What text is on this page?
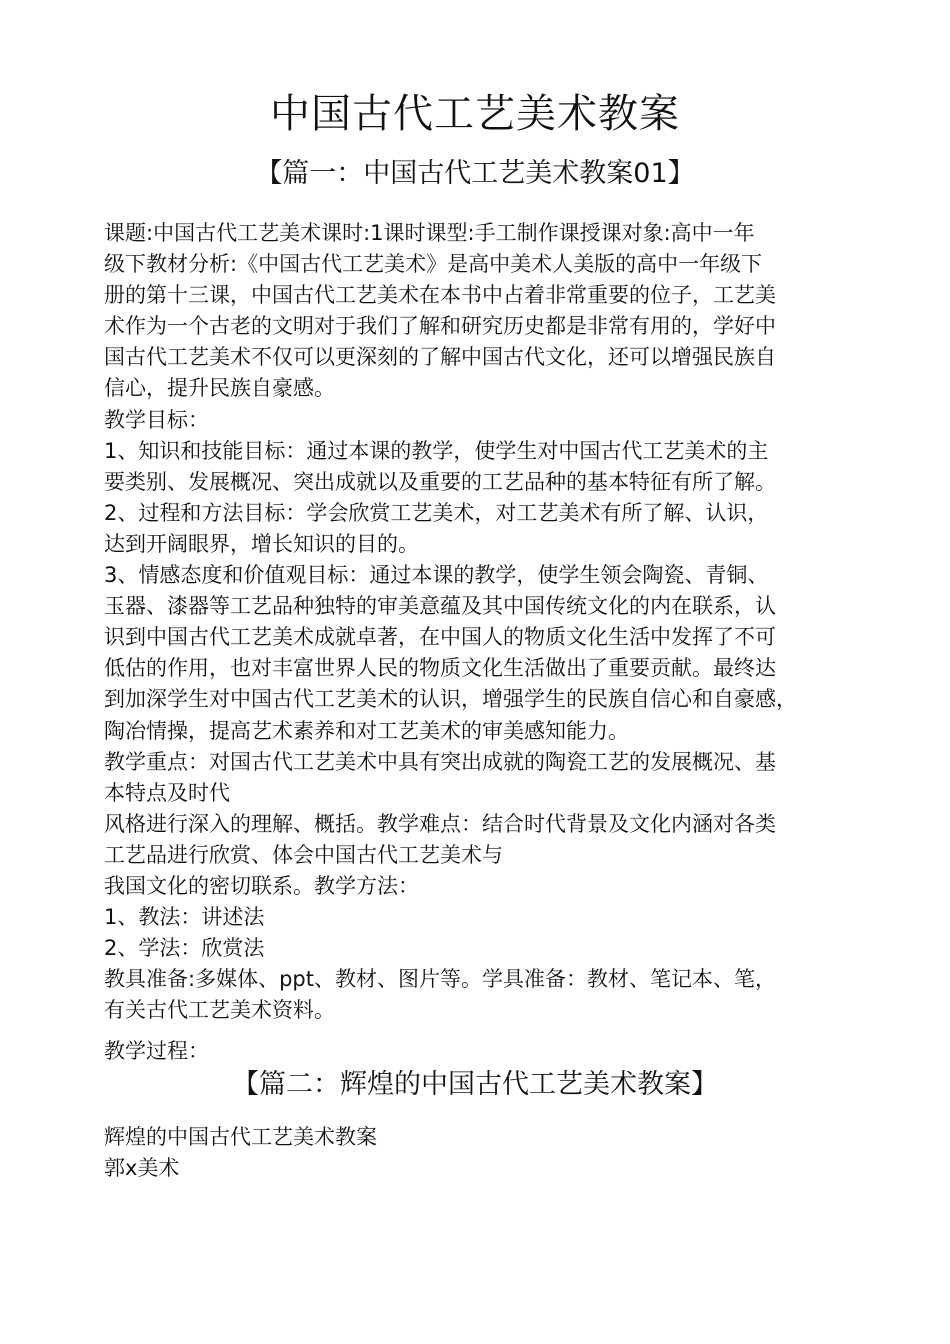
中国古代工艺美术教案
【篇一：中国古代工艺美术教案01】
课题:中国古代工艺美术课时:1课时课型:手工制作课授课对象:高中一年
级下教材分析:《中国古代工艺美术》是高中美术人美版的高中一年级下
册的第十三课，中国古代工艺美术在本书中占着非常重要的位子，工艺美
术作为一个古老的文明对于我们了解和研究历史都是非常有用的，学好中
国古代工艺美术不仅可以更深刻的了解中国古代文化，还可以增强民族自
信心，提升民族自豪感。
教学目标：
1、知识和技能目标：通过本课的教学，使学生对中国古代工艺美术的主
要类别、发展概况、突出成就以及重要的工艺品种的基本特征有所了解。
2、过程和方法目标：学会欣赏工艺美术，对工艺美术有所了解、认识，
达到开阔眼界，增长知识的目的。
3、情感态度和价值观目标：通过本课的教学，使学生领会陶瓷、青铜、
玉器、漆器等工艺品种独特的审美意蕴及其中国传统文化的内在联系，认
识到中国古代工艺美术成就卓著，在中国人的物质文化生活中发挥了不可
低估的作用，也对丰富世界人民的物质文化生活做出了重要贡献。最终达
到加深学生对中国古代工艺美术的认识，增强学生的民族自信心和自豪感，
陶冶情操，提高艺术素养和对工艺美术的审美感知能力。
教学重点：对国古代工艺美术中具有突出成就的陶瓷工艺的发展概况、基
本特点及时代
风格进行深入的理解、概括。教学难点：结合时代背景及文化内涵对各类
工艺品进行欣赏、体会中国古代工艺美术与
我国文化的密切联系。教学方法：
1、教法：讲述法
2、学法：欣赏法
教具准备:多媒体、ppt、教材、图片等。学具准备：教材、笔记本、笔，
有关古代工艺美术资料。
教学过程：
【篇二：辉煌的中国古代工艺美术教案】
辉煌的中国古代工艺美术教案
郭x美术
